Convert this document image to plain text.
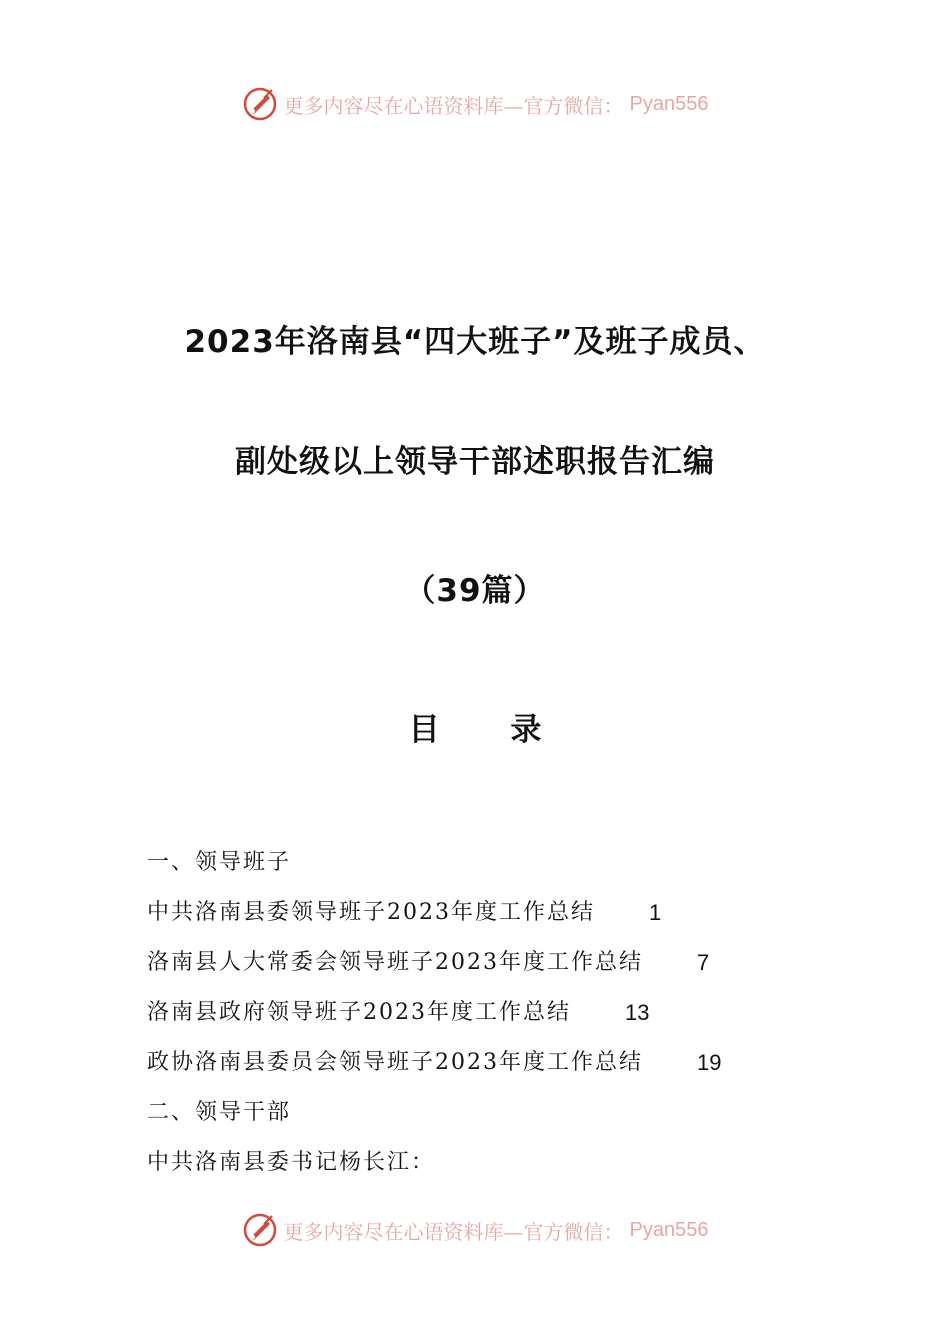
更多内容尽在心语资料库—官方微信： Pyan556
2023年洛南县“四大班子”及班子成员、
副处级以上领导干部述职报告汇编
（39篇）
目 录
一、领导班子
中共洛南县委领导班子2023年度工作总结 1
洛南县人大常委会领导班子2023年度工作总结 7
洛南县政府领导班子2023年度工作总结 13
政协洛南县委员会领导班子2023年度工作总结 19
二、领导干部
中共洛南县委书记杨长江：
更多内容尽在心语资料库—官方微信： Pyan556
